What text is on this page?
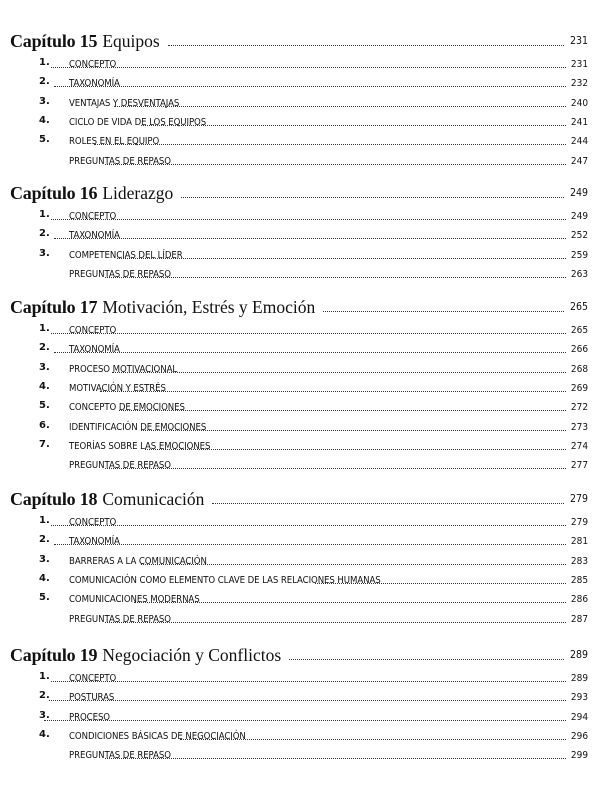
Capítulo 15 Equipos	231
1.	CONCEPTO	231
2.	TAXONOMÍA	232
3.	VENTAJAS Y DESVENTAJAS	240
4.	CICLO DE VIDA DE LOS EQUIPOS	241
5.	ROLES EN EL EQUIPO	244
PREGUNTAS DE REPASO	247
Capítulo 16 Liderazgo	249
1.	CONCEPTO	249
2.	TAXONOMÍA	252
3.	COMPETENCIAS DEL LÍDER	259
PREGUNTAS DE REPASO	263
Capítulo 17 Motivación, Estrés y Emoción	265
1.	CONCEPTO	265
2.	TAXONOMÍA	266
3.	PROCESO MOTIVACIONAL	268
4.	MOTIVACIÓN Y ESTRÉS	269
5.	CONCEPTO DE EMOCIONES	272
6.	IDENTIFICACIÓN DE EMOCIONES	273
7.	TEORÍAS SOBRE LAS EMOCIONES	274
PREGUNTAS DE REPASO	277
Capítulo 18 Comunicación	279
1.	CONCEPTO	279
2.	TAXONOMÍA	281
3.	BARRERAS A LA COMUNICACIÓN	283
4.	COMUNICACIÓN COMO ELEMENTO CLAVE DE LAS RELACIONES HUMANAS	285
5.	COMUNICACIONES MODERNAS	286
PREGUNTAS DE REPASO	287
Capítulo 19 Negociación y Conflictos	289
1.	CONCEPTO	289
2.	POSTURAS	293
3.	PROCESO	294
4.	CONDICIONES BÁSICAS DE NEGOCIACIÓN	296
PREGUNTAS DE REPASO	299
